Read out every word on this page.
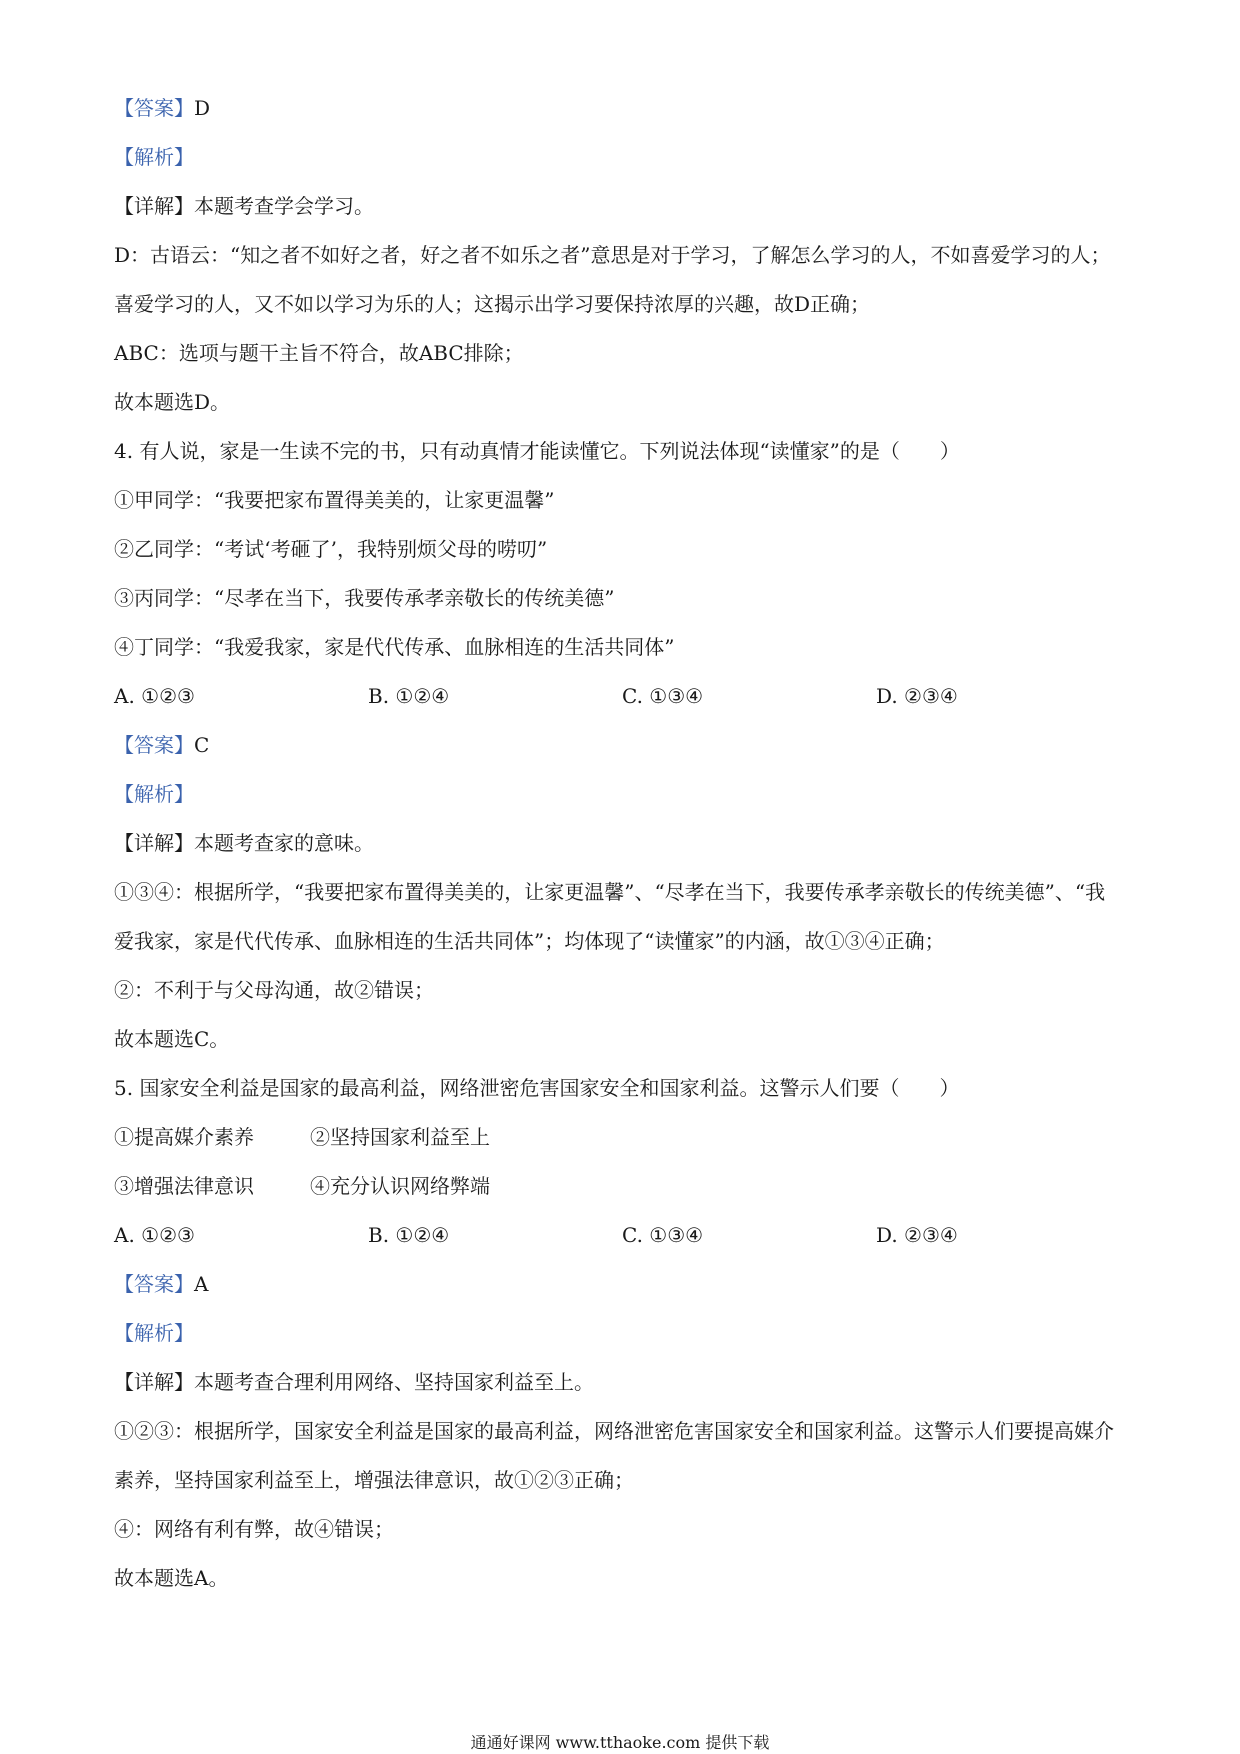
【答案】D
【解析】
【详解】本题考查学会学习。
D：古语云：“知之者不如好之者，好之者不如乐之者”意思是对于学习，了解怎么学习的人，不如喜爱学习的人；喜爱学习的人，又不如以学习为乐的人；这揭示出学习要保持浓厚的兴趣，故D正确；
ABC：选项与题干主旨不符合，故ABC排除；
故本题选D。
4. 有人说，家是一生读不完的书，只有动真情才能读懂它。下列说法体现“读懂家”的是（　　）
①甲同学：“我要把家布置得美美的，让家更温馨”
②乙同学：“考试‘考砸了’，我特别烦父母的唠叨”
③丙同学：“尽孝在当下，我要传承孝亲敬长的传统美德”
④丁同学：“我爱我家，家是代代传承、血脉相连的生活共同体”
A. ①②③	B. ①②④	C. ①③④	D. ②③④
【答案】C
【解析】
【详解】本题考查家的意味。
①③④：根据所学，“我要把家布置得美美的，让家更温馨”、“尽孝在当下，我要传承孝亲敬长的传统美德”、“我爱我家，家是代代传承、血脉相连的生活共同体”；均体现了“读懂家”的内涵，故①③④正确；
②：不利于与父母沟通，故②错误；
故本题选C。
5. 国家安全利益是国家的最高利益，网络泄密危害国家安全和国家利益。这警示人们要（　　）
①提高媒介素养	②坚持国家利益至上
③增强法律意识	④充分认识网络弊端
A. ①②③	B. ①②④	C. ①③④	D. ②③④
【答案】A
【解析】
【详解】本题考查合理利用网络、坚持国家利益至上。
①②③：根据所学，国家安全利益是国家的最高利益，网络泄密危害国家安全和国家利益。这警示人们要提高媒介素养，坚持国家利益至上，增强法律意识，故①②③正确；
④：网络有利有弊，故④错误；
故本题选A。
通通好课网 www.tthaoke.com 提供下载
